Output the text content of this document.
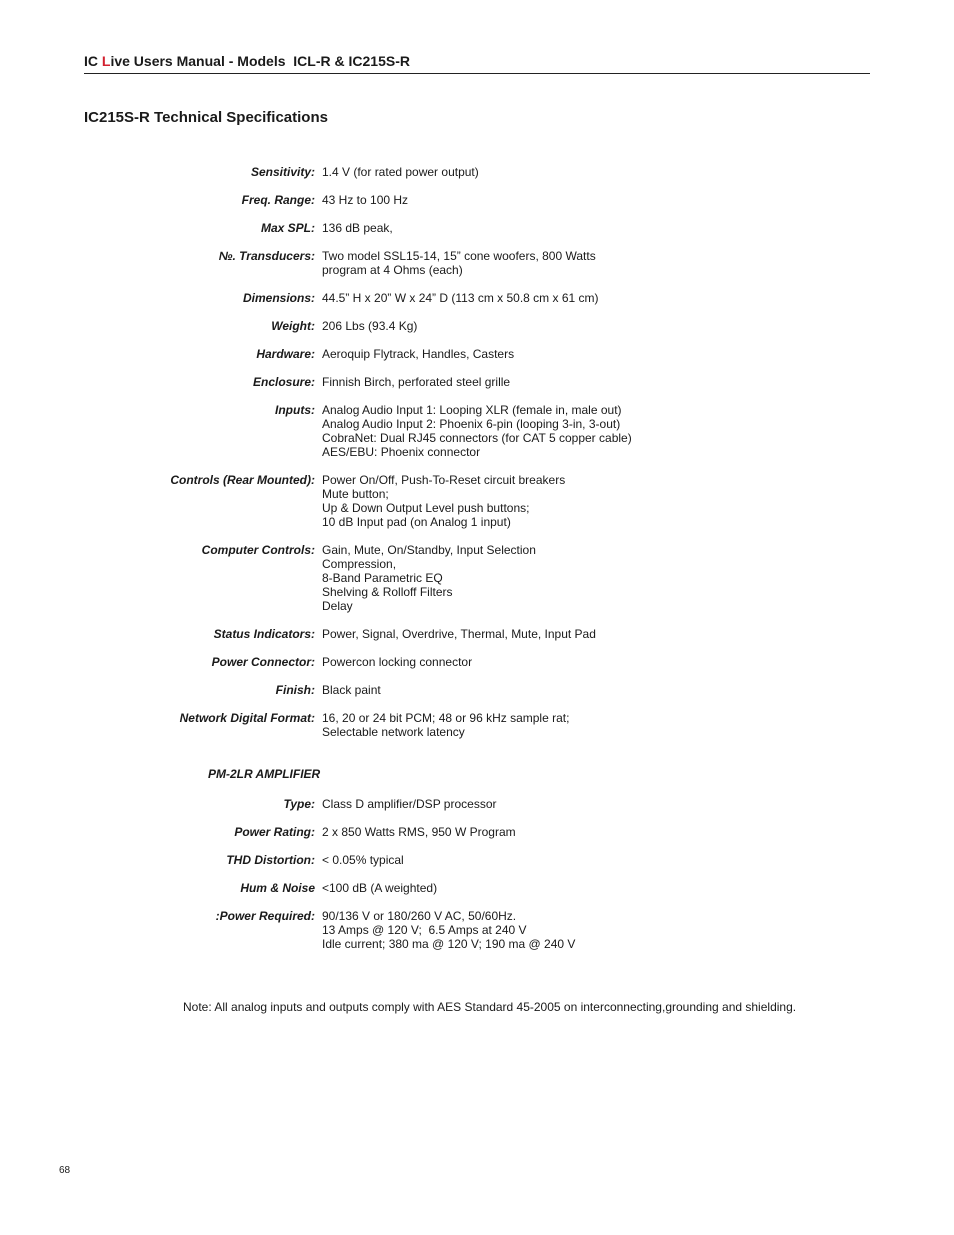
IC Live Users Manual - Models  ICL-R & IC215S-R
IC215S-R Technical Specifications
Sensitivity: 1.4 V (for rated power output)
Freq. Range: 43 Hz to 100 Hz
Max SPL: 136 dB peak,
№. Transducers: Two model SSL15-14, 15” cone woofers, 800 Watts
program at 4 Ohms (each)
Dimensions: 44.5” H x 20” W x 24” D (113 cm x 50.8 cm x 61 cm)
Weight: 206 Lbs (93.4 Kg)
Hardware: Aeroquip Flytrack, Handles, Casters
Enclosure: Finnish Birch, perforated steel grille
Inputs: Analog Audio Input 1: Looping XLR (female in, male out)
Analog Audio Input 2: Phoenix 6-pin (looping 3-in, 3-out)
CobraNet: Dual RJ45 connectors (for CAT 5 copper cable)
AES/EBU: Phoenix connector
Controls (Rear Mounted): Power On/Off, Push-To-Reset circuit breakers
Mute button;
Up & Down Output Level push buttons;
10 dB Input pad (on Analog 1 input)
Computer Controls: Gain, Mute, On/Standby, Input Selection
Compression,
8-Band Parametric EQ
Shelving & Rolloff Filters
Delay
Status Indicators: Power, Signal, Overdrive, Thermal, Mute, Input Pad
Power Connector: Powercon locking connector
Finish: Black paint
Network Digital Format: 16, 20 or 24 bit PCM; 48 or 96 kHz sample rat;
Selectable network latency
PM-2LR AMPLIFIER
Type: Class D amplifier/DSP processor
Power Rating: 2 x 850 Watts RMS, 950 W Program
THD Distortion: < 0.05% typical
Hum & Noise <100 dB (A weighted)
:Power Required: 90/136 V or 180/260 V AC, 50/60Hz.
13 Amps @ 120 V;  6.5 Amps at 240 V
Idle current; 380 ma @ 120 V; 190 ma @ 240 V
Note: All analog inputs and outputs comply with AES Standard 45-2005 on interconnecting,grounding and shielding.
68
